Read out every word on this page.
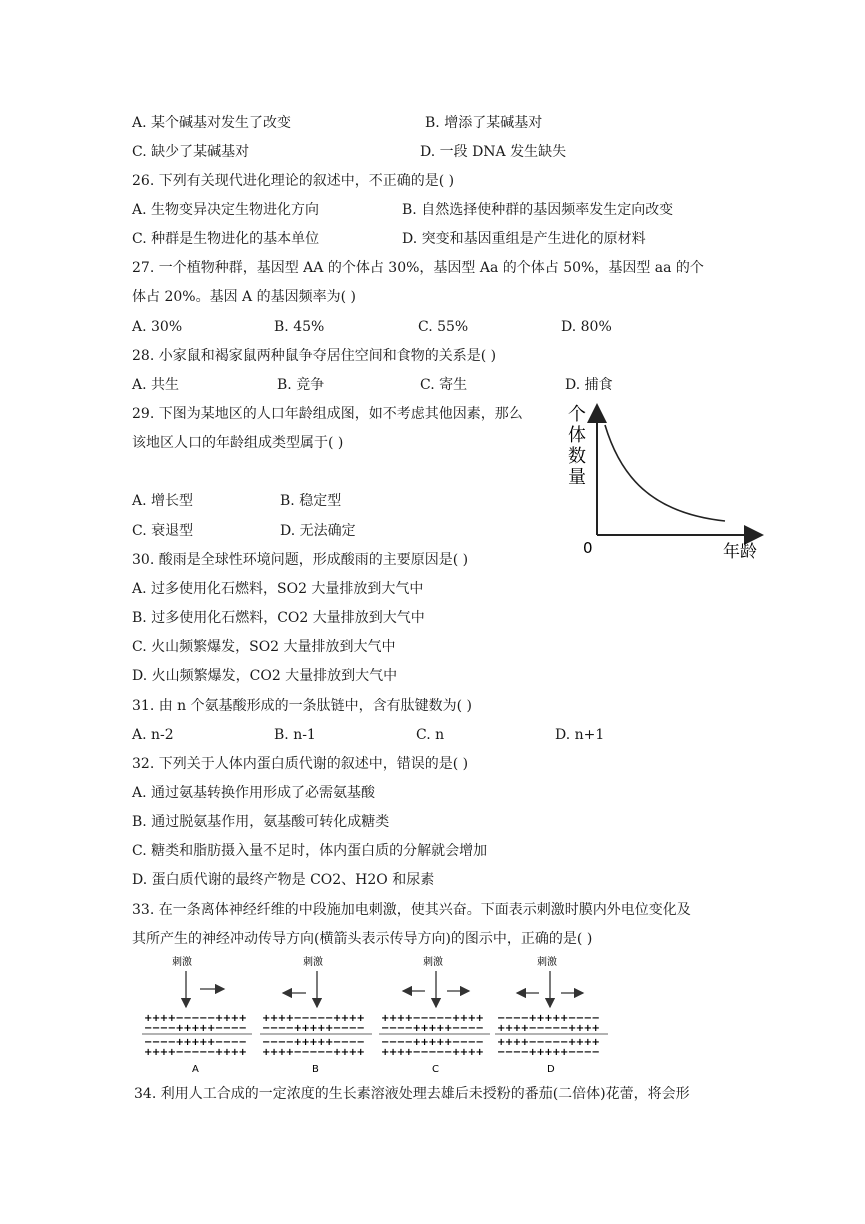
A. 某个碱基对发生了改变	B. 增添了某碱基对
C. 缺少了某碱基对	D. 一段 DNA 发生缺失
26. 下列有关现代进化理论的叙述中，不正确的是( )
A. 生物变异决定生物进化方向	B. 自然选择使种群的基因频率发生定向改变
C. 种群是生物进化的基本单位	D. 突变和基因重组是产生进化的原材料
27. 一个植物种群，基因型 AA 的个体占 30%，基因型 Aa 的个体占 50%，基因型 aa 的个
体占 20%。基因 A 的基因频率为( )
A. 30%	B. 45%	C. 55%	D. 80%
28. 小家鼠和褐家鼠两种鼠争夺居住空间和食物的关系是( )
A. 共生	B. 竞争	C. 寄生	D. 捕食
29. 下图为某地区的人口年龄组成图，如不考虑其他因素，那么
该地区人口的年龄组成类型属于( )
A. 增长型	B. 稳定型
C. 衰退型	D. 无法确定
个
体
数
量
0	年龄
30. 酸雨是全球性环境问题，形成酸雨的主要原因是( )
A. 过多使用化石燃料，SO2 大量排放到大气中
B. 过多使用化石燃料，CO2 大量排放到大气中
C. 火山频繁爆发，SO2 大量排放到大气中
D. 火山频繁爆发，CO2 大量排放到大气中
31. 由 n 个氨基酸形成的一条肽链中，含有肽键数为( )
A. n-2	B. n-1	C. n	D. n+1
32. 下列关于人体内蛋白质代谢的叙述中，错误的是( )
A. 通过氨基转换作用形成了必需氨基酸
B. 通过脱氨基作用，氨基酸可转化成糖类
C. 糖类和脂肪摄入量不足时，体内蛋白质的分解就会增加
D. 蛋白质代谢的最终产物是 CO2、H2O 和尿素
33. 在一条离体神经纤维的中段施加电刺激，使其兴奋。下面表示刺激时膜内外电位变化及
其所产生的神经冲动传导方向(横箭头表示传导方向)的图示中，正确的是( )
刺激
++++−−−−−++++
−−−−+++++−−−−
−−−−+++++−−−−
++++−−−−−++++
A
刺激
++++−−−−−++++
−−−−+++++−−−−
−−−−+++++−−−−
++++−−−−−++++
B
刺激
++++−−−−−++++
−−−−+++++−−−−
−−−−+++++−−−−
++++−−−−−++++
C
刺激
−−−−+++++−−−−
++++−−−−−++++
++++−−−−−++++
−−−−+++++−−−−
D
34. 利用人工合成的一定浓度的生长素溶液处理去雄后未授粉的番茄(二倍体)花蕾，将会形
